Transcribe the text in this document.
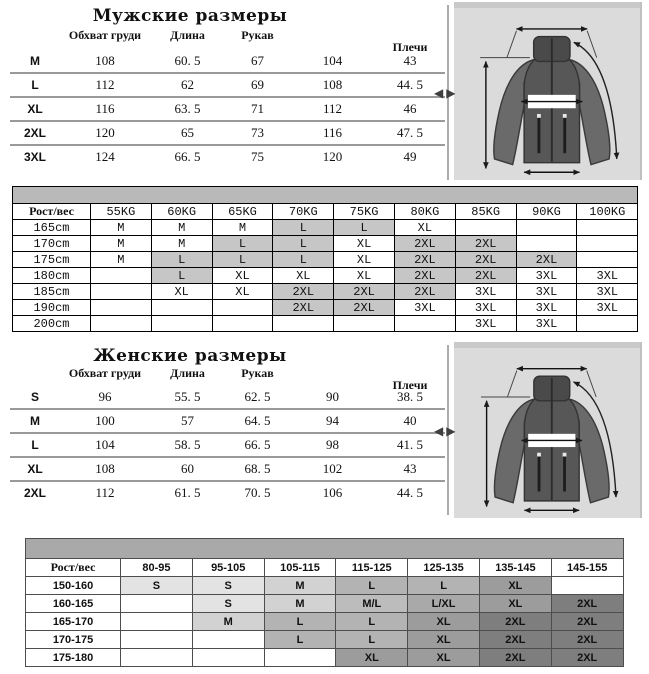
Мужские размеры
Обхват груди	Длина	Рукав
Плечи
M	108	60. 5	67	104	43
L	112	62	69	108	44. 5
XL	116	63. 5	71	112	46
2XL	120	65	73	116	47. 5
3XL	124	66. 5	75	120	49
◀ ▶

Рост/вес	55KG	60KG	65KG	70KG	75KG	80KG	85KG	90KG	100KG
165cm	M	M	M	L	L	XL			
170cm	M	M	L	L	XL	2XL	2XL		
175cm	M	L	L	L	XL	2XL	2XL	2XL	
180cm		L	XL	XL	XL	2XL	2XL	3XL	3XL
185cm		XL	XL	2XL	2XL	2XL	3XL	3XL	3XL
190cm				2XL	2XL	3XL	3XL	3XL	3XL
200cm							3XL	3XL	
Женские размеры
Обхват груди	Длина	Рукав
Плечи
S	96	55. 5	62. 5	90	38. 5
M	100	57	64. 5	94	40
L	104	58. 5	66. 5	98	41. 5
XL	108	60	68. 5	102	43
2XL	112	61. 5	70. 5	106	44. 5
◀ ▶

Рост/вес	80-95	95-105	105-115	115-125	125-135	135-145	145-155
150-160	S	S	M	L	L	XL	
160-165		S	M	M/L	L/XL	XL	2XL
165-170		M	L	L	XL	2XL	2XL
170-175			L	L	XL	2XL	2XL
175-180				XL	XL	2XL	2XL
